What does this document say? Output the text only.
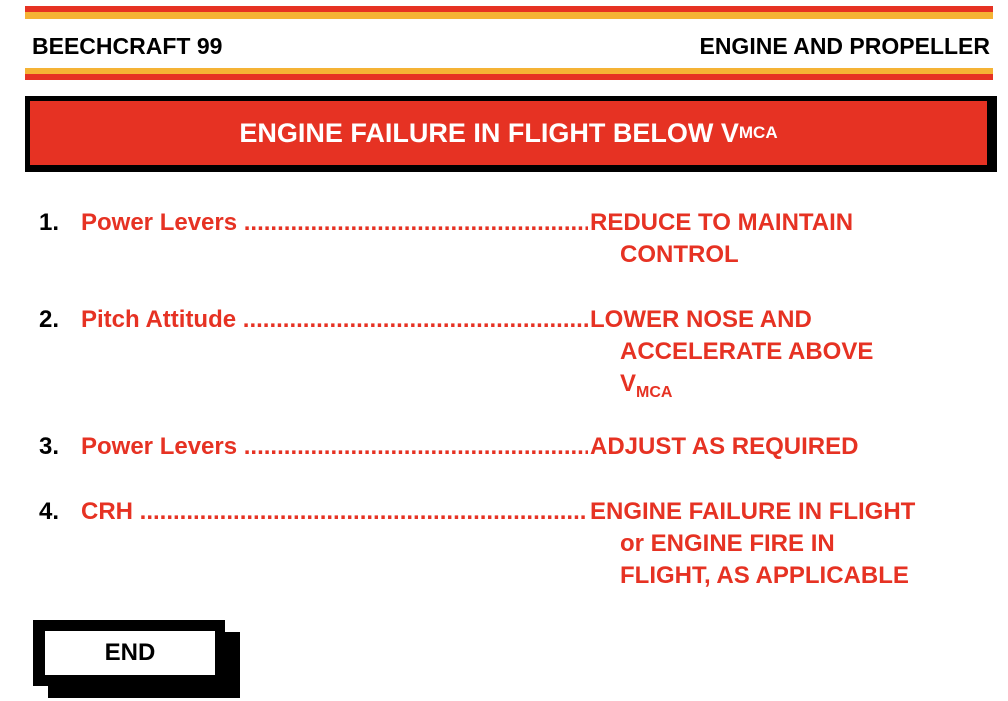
BEECHCRAFT 99	ENGINE AND PROPELLER
ENGINE FAILURE IN FLIGHT BELOW V MCA
1. Power Levers .....	REDUCE TO MAINTAIN
CONTROL
2. Pitch Attitude .....	LOWER NOSE AND
ACCELERATE ABOVE
$V_{MCA}$
3. Power Levers .....	ADJUST AS REQUIRED
4. CRH .....	ENGINE FAILURE IN FLIGHT
or ENGINE FIRE IN
FLIGHT, AS APPLICABLE
END
